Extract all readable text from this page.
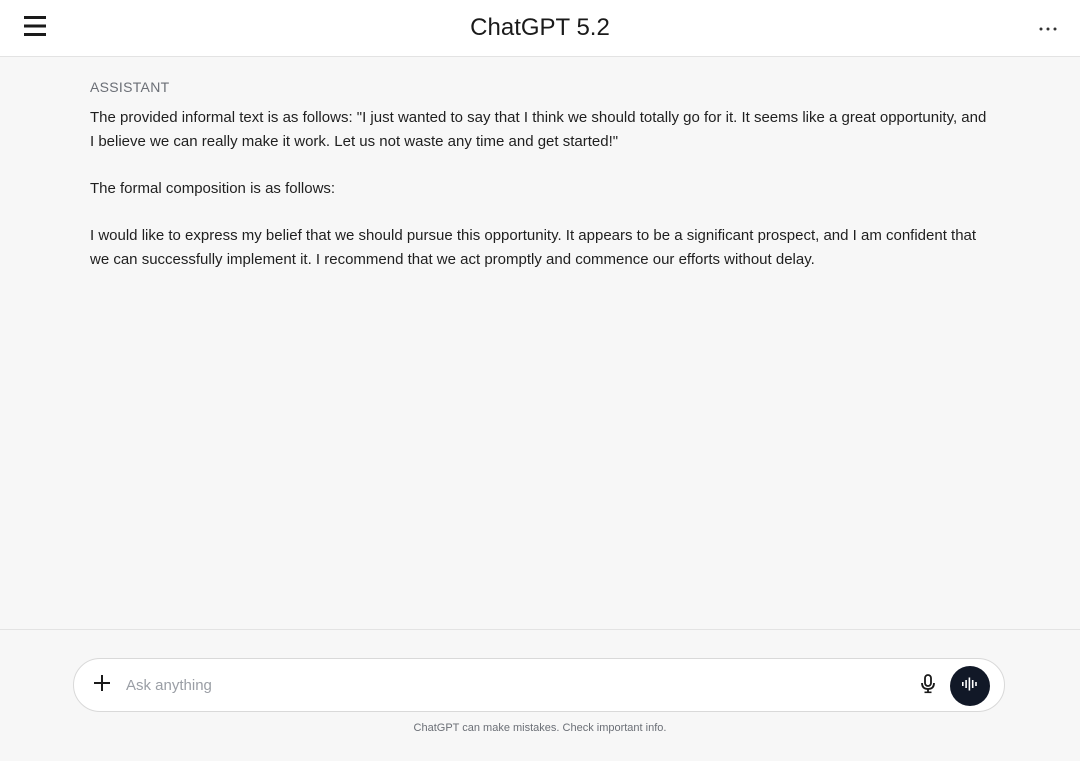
ChatGPT 5.2
ASSISTANT

The provided informal text is as follows: "I just wanted to say that I think we should totally go for it. It seems like a great opportunity, and I believe we can really make it work. Let us not waste any time and get started!"

The formal composition is as follows:

I would like to express my belief that we should pursue this opportunity. It appears to be a significant prospect, and I am confident that we can successfully implement it. I recommend that we act promptly and commence our efforts without delay.

Ask anything
ChatGPT can make mistakes. Check important info.
